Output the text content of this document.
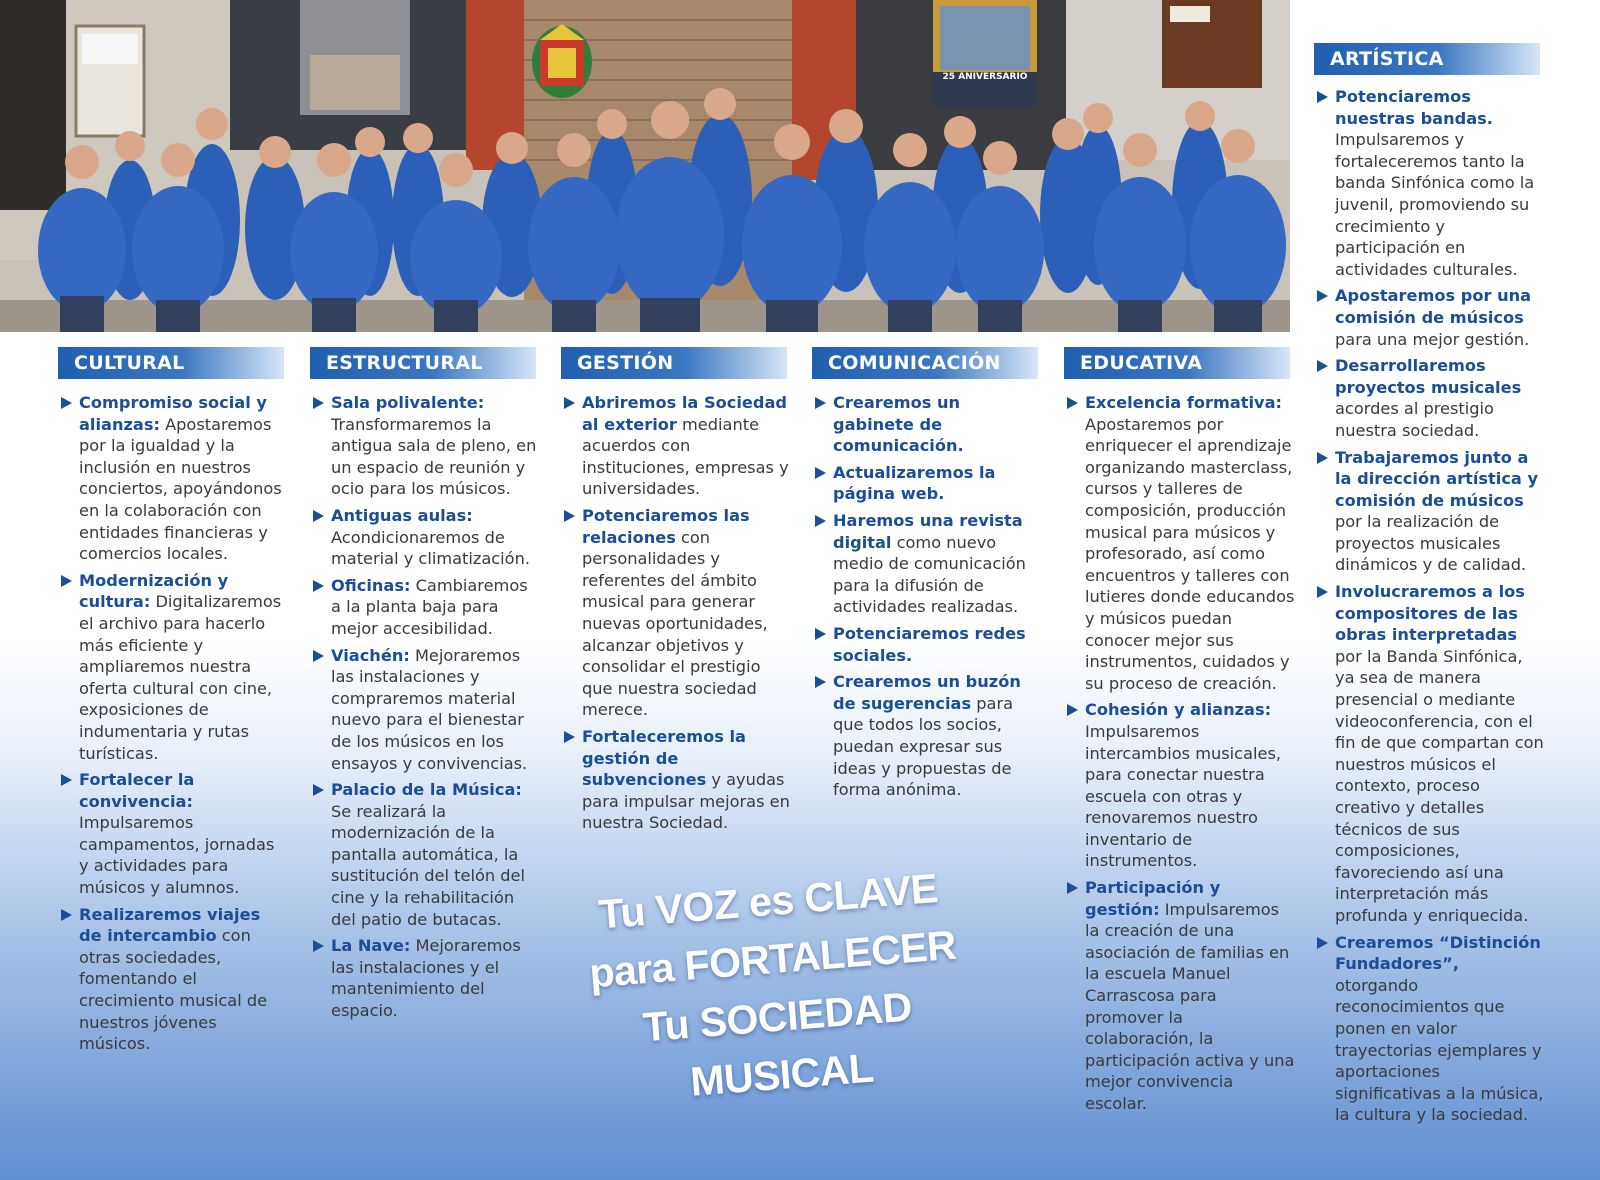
25 ANIVERSARIO
CULTURAL	ESTRUCTURAL	GESTIÓN	COMUNICACIÓN	EDUCATIVA
ARTÍSTICA
Compromiso social y alianzas: Apostaremos por la igualdad y la inclusión en nuestros conciertos, apoyándonos en la colaboración con entidades financieras y comercios locales.
Modernización y cultura: Digitalizaremos el archivo para hacerlo más eficiente y ampliaremos nuestra oferta cultural con cine, exposiciones de indumentaria y rutas turísticas.
Fortalecer la convivencia: Impulsaremos campamentos, jornadas y actividades para músicos y alumnos.
Realizaremos viajes de intercambio con otras sociedades, fomentando el crecimiento musical de nuestros jóvenes músicos.
Sala polivalente: Transformaremos la antigua sala de pleno, en un espacio de reunión y ocio para los músicos.
Antiguas aulas: Acondicionaremos de material y climatización.
Oficinas: Cambiaremos a la planta baja para mejor accesibilidad.
Viachén: Mejoraremos las instalaciones y compraremos material nuevo para el bienestar de los músicos en los ensayos y convivencias.
Palacio de la Música: Se realizará la modernización de la pantalla automática, la sustitución del telón del cine y la rehabilitación del patio de butacas.
La Nave: Mejoraremos las instalaciones y el mantenimiento del espacio.
Abriremos la Sociedad al exterior mediante acuerdos con instituciones, empresas y universidades.
Potenciaremos las relaciones con personalidades y referentes del ámbito musical para generar nuevas oportunidades, alcanzar objetivos y consolidar el prestigio que nuestra sociedad merece.
Fortaleceremos la gestión de subvenciones y ayudas para impulsar mejoras en nuestra Sociedad.
Crearemos un gabinete de comunicación.
Actualizaremos la página web.
Haremos una revista digital como nuevo medio de comunicación para la difusión de actividades realizadas.
Potenciaremos redes sociales.
Crearemos un buzón de sugerencias para que todos los socios, puedan expresar sus ideas y propuestas de forma anónima.
Excelencia formativa: Apostaremos por enriquecer el aprendizaje organizando masterclass, cursos y talleres de composición, producción musical para músicos y profesorado, así como encuentros y talleres con lutieres donde educandos y músicos puedan conocer mejor sus instrumentos, cuidados y su proceso de creación.
Cohesión y alianzas: Impulsaremos intercambios musicales, para conectar nuestra escuela con otras y renovaremos nuestro inventario de instrumentos.
Participación y gestión: Impulsaremos la creación de una asociación de familias en la escuela Manuel Carrascosa para promover la colaboración, la participación activa y una mejor convivencia escolar.
Potenciaremos nuestras bandas. Impulsaremos y fortaleceremos tanto la banda Sinfónica como la juvenil, promoviendo su crecimiento y participación en actividades culturales.
Apostaremos por una comisión de músicos para una mejor gestión.
Desarrollaremos proyectos musicales acordes al prestigio nuestra sociedad.
Trabajaremos junto a la dirección artística y comisión de músicos por la realización de proyectos musicales dinámicos y de calidad.
Involucraremos a los compositores de las obras interpretadas por la Banda Sinfónica, ya sea de manera presencial o mediante videoconferencia, con el fin de que compartan con nuestros músicos el contexto, proceso creativo y detalles técnicos de sus composiciones, favoreciendo así una interpretación más profunda y enriquecida.
Crearemos “Distinción Fundadores”, otorgando reconocimientos que ponen en valor trayectorias ejemplares y aportaciones significativas a la música, la cultura y la sociedad.
Tu VOZ es CLAVE
para FORTALECER
Tu SOCIEDAD MUSICAL
